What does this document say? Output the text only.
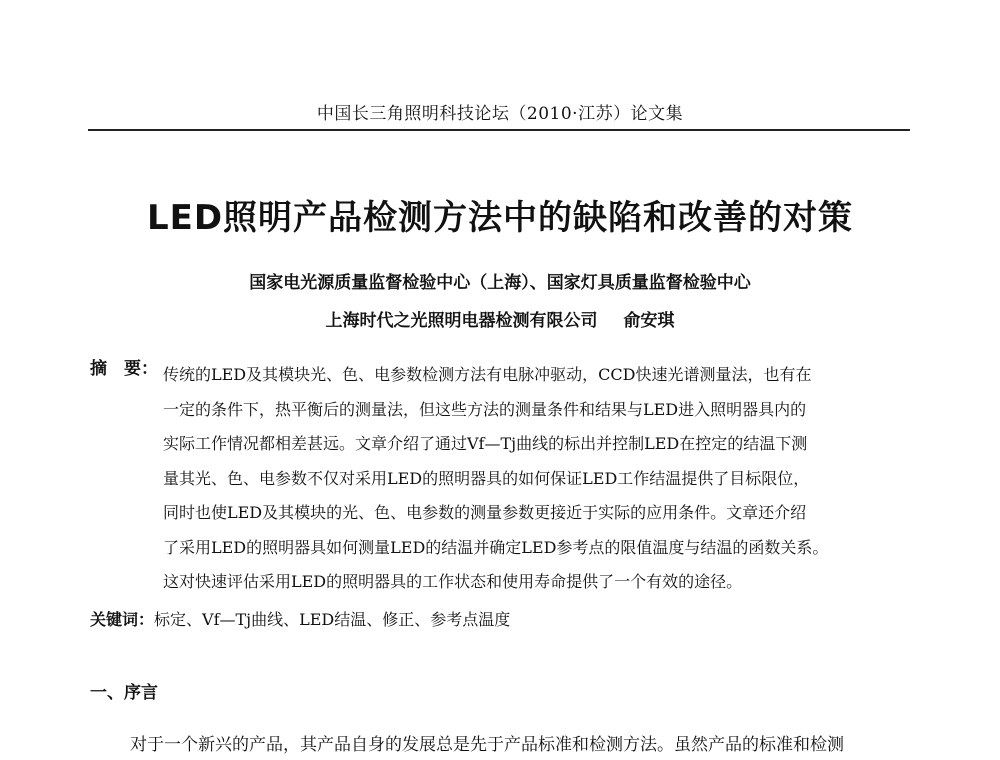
中国长三角照明科技论坛（2010·江苏）论文集
LED照明产品检测方法中的缺陷和改善的对策
国家电光源质量监督检验中心（上海）、国家灯具质量监督检验中心
上海时代之光照明电器检测有限公司 俞安琪
摘　要： 传统的LED及其模块光、色、电参数检测方法有电脉冲驱动，CCD快速光谱测量法，也有在
一定的条件下，热平衡后的测量法，但这些方法的测量条件和结果与LED进入照明器具内的
实际工作情况都相差甚远。文章介绍了通过Vf—Tj曲线的标出并控制LED在控定的结温下测
量其光、色、电参数不仅对采用LED的照明器具的如何保证LED工作结温提供了目标限位，
同时也使LED及其模块的光、色、电参数的测量参数更接近于实际的应用条件。文章还介绍
了采用LED的照明器具如何测量LED的结温并确定LED参考点的限值温度与结温的函数关系。
这对快速评估采用LED的照明器具的工作状态和使用寿命提供了一个有效的途径。
关键词：标定、Vf—Tj曲线、LED结温、修正、参考点温度
一、序言
对于一个新兴的产品，其产品自身的发展总是先于产品标准和检测方法。虽然产品的标准和检测
